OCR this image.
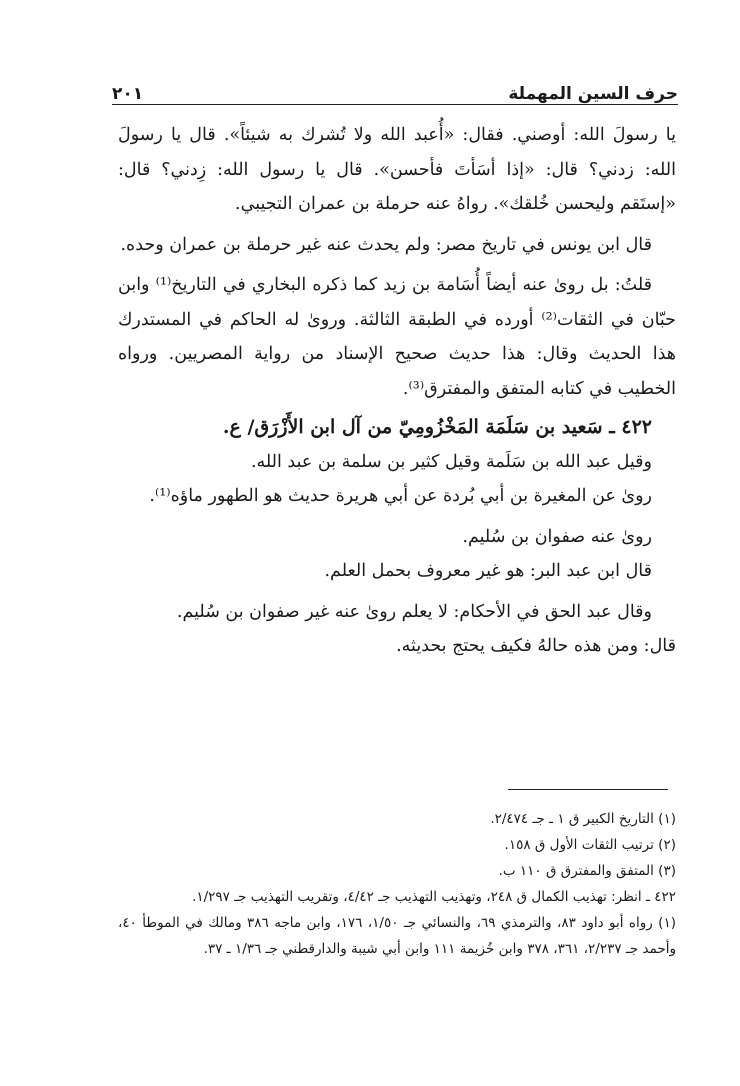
حرف السين المهملة
٢٠١

يا رسولَ الله: أوصني. فقال: «أُعبد الله ولا تُشرك به شيئاً». قال يا رسولَ الله: زدني؟ قال: «إذا أسَأتَ فأحسن». قال يا رسول الله: زِدني؟ قال: «إستَقم وليحسن خُلقك». رواهُ عنه حرملة بن عمران التجيبي.

قال ابن يونس في تاريخ مصر: ولم يحدث عنه غير حرملة بن عمران وحده.

قلتُ: بل روىٰ عنه أيضاً أُسَامة بن زيد كما ذكره البخاري في التاريخ⁽¹⁾ وابن حبّان في الثقات⁽²⁾ أورده في الطبقة الثالثة. وروىٰ له الحاكم في المستدرك هذا الحديث وقال: هذا حديث صحيح الإسناد من رواية المصريين. ورواه الخطيب في كتابه المتفق والمفترق⁽³⁾.

٤٢٢ ـ سَعيد بن سَلَمَة المَخْزُومِيّ من آل ابن الأَزْرَق/ ع.

وقيل عبد الله بن سَلَمة وقيل كثير بن سلمة بن عبد الله.

روىٰ عن المغيرة بن أبي بُردة عن أبي هريرة حديث هو الطهور ماؤه⁽¹⁾.

روىٰ عنه صفوان بن سُليم.

قال ابن عبد البر: هو غير معروف بحمل العلم.

وقال عبد الحق في الأحكام: لا يعلم روىٰ عنه غير صفوان بن سُليم.

قال: ومن هذه حالهُ فكيف يحتج بحديثه.

(١) التاريخ الكبير ق ١ ـ جـ ٢/٤٧٤.

(٢) ترتيب الثقات الأول ق ١٥٨.

(٣) المتفق والمفترق ق ١١٠ ب.

٤٢٢ ـ انظر: تهذيب الكمال ق ٢٤٨، وتهذيب التهذيب جـ ٤/٤٢، وتقريب التهذيب جـ ١/٢٩٧.

(١) رواه أبو داود ٨٣، والترمذي ٦٩، والنسائي جـ ١/٥٠، ١٧٦، وابن ماجه ٣٨٦ ومالك في الموطأ ٤٠، وأحمد جـ ٢/٢٣٧، ٣٦١، ٣٧٨ وابن خُزيمة ١١١ وابن أبي شيبة والدارقطني جـ ١/٣٦ ـ ٣٧.
